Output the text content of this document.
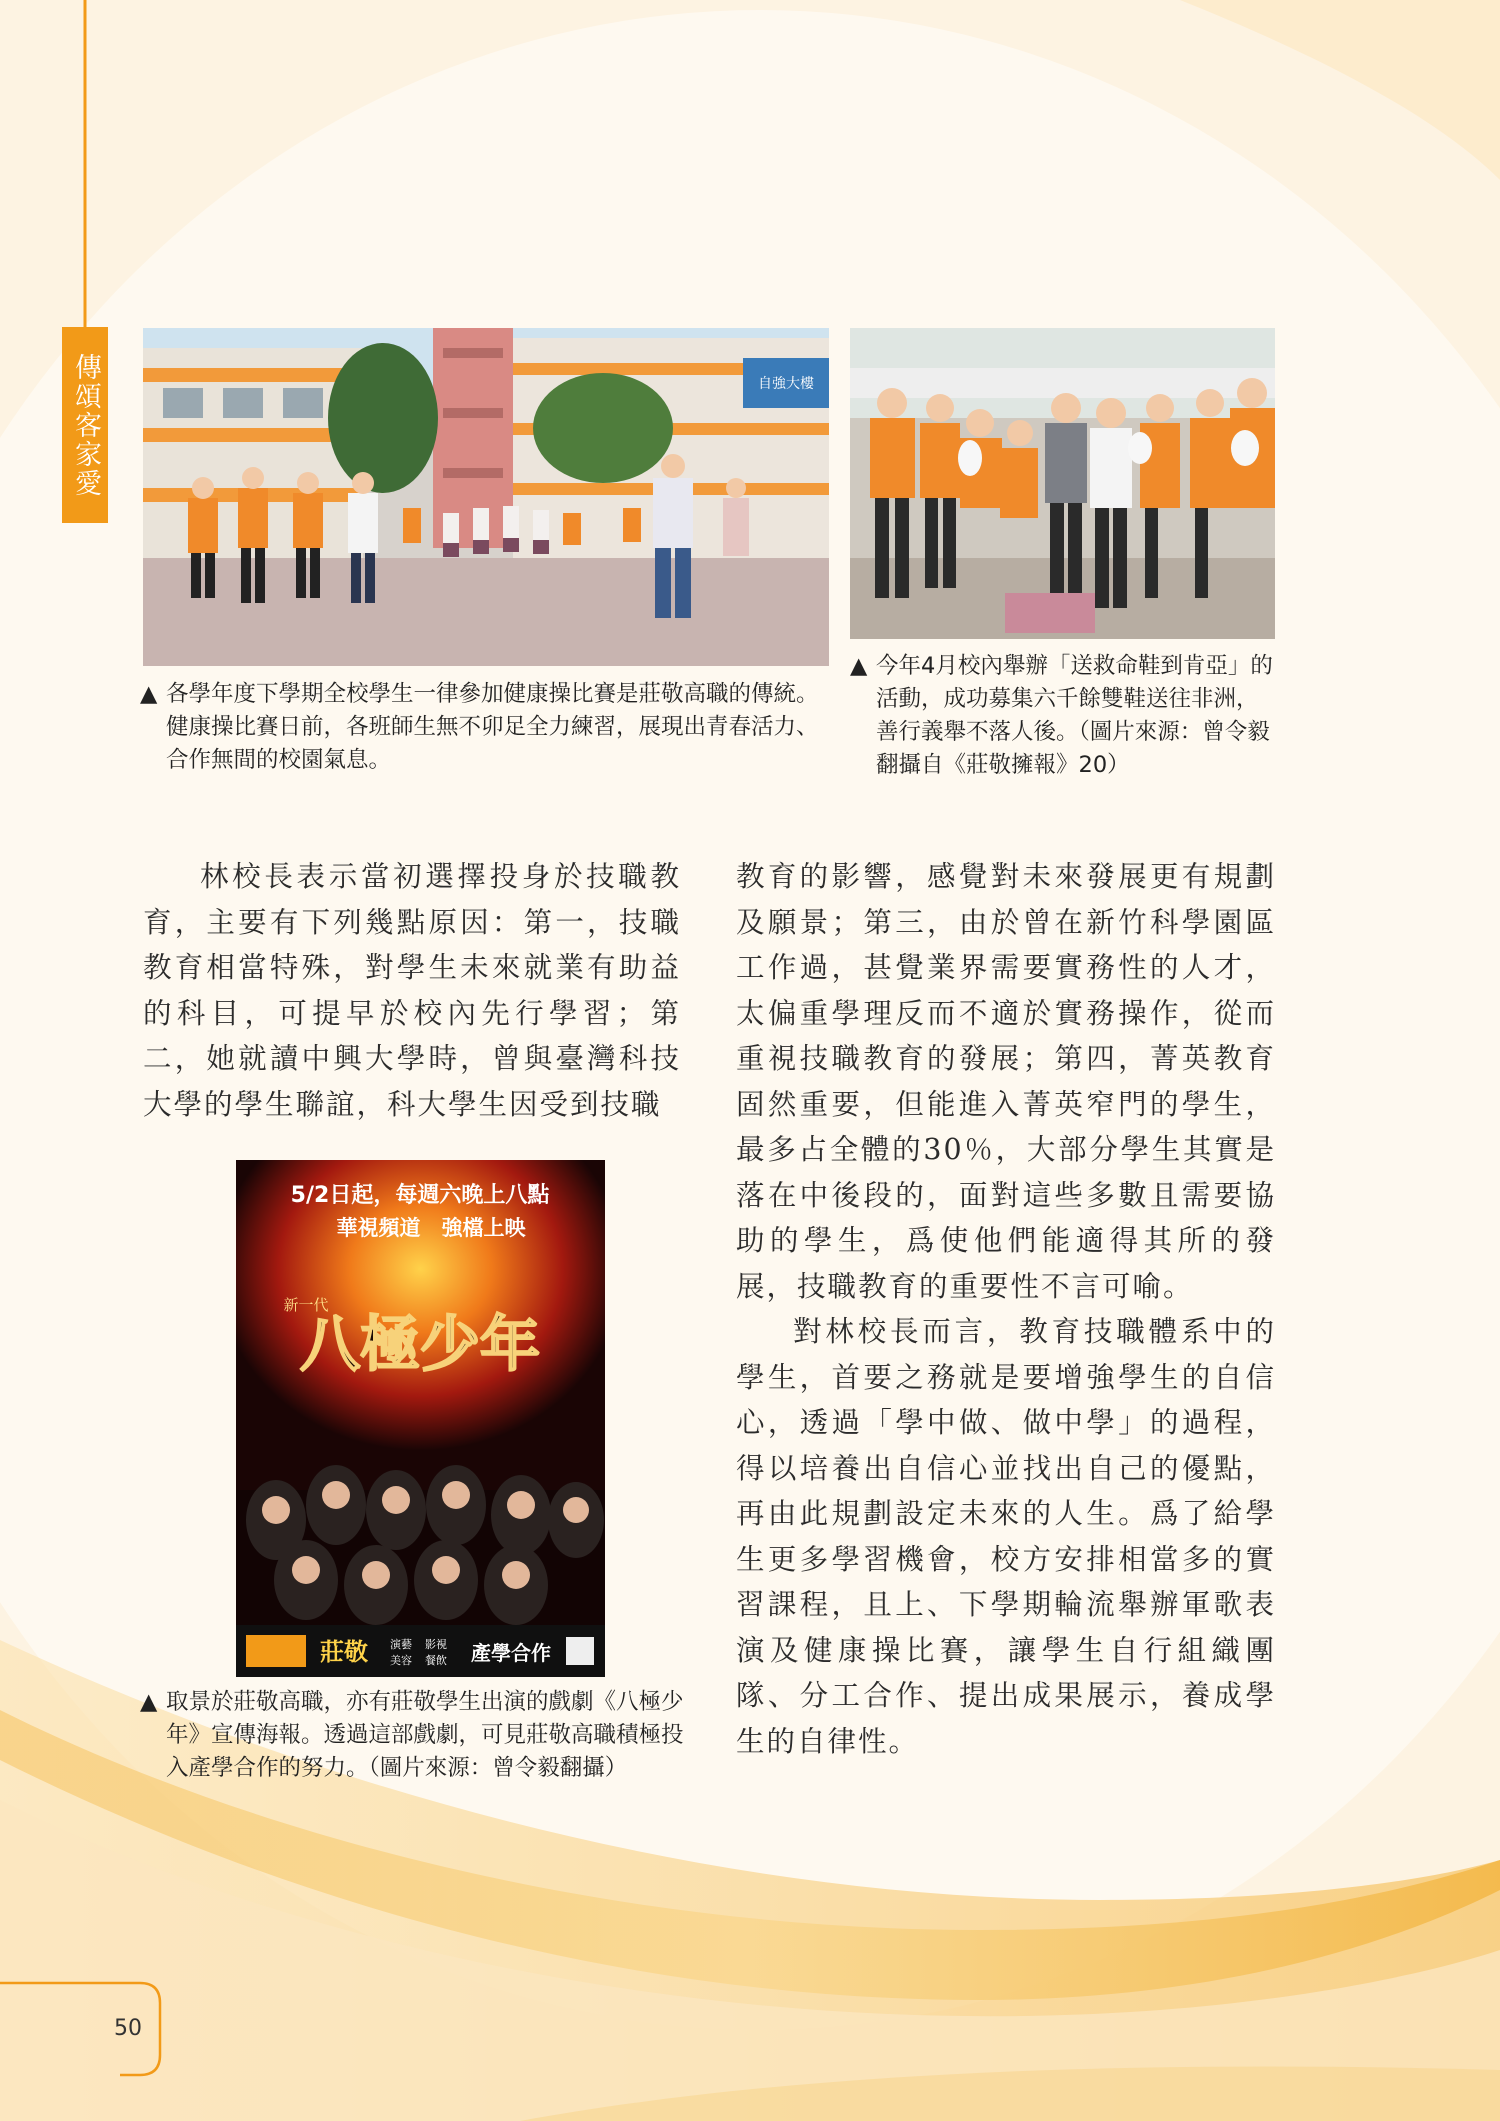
傳頌客家愛	自強大樓

▲ 各學年度下學期全校學生一律參加健康操比賽是莊敬高職的傳統。健康操比賽日前，各班師生無不卯足全力練習，展現出青春活力、合作無間的校園氣息。

▲ 今年4月校內舉辦「送救命鞋到肯亞」的活動，成功募集六千餘雙鞋送往非洲，善行義舉不落人後。（圖片來源：曾令毅翻攝自《莊敬擁報》20）

5/2日起，每週六晚上八點
華視頻道　強檔上映
新一代
八極少年
莊敬 演藝
美容
影視
餐飲 產學合作

▲ 取景於莊敬高職，亦有莊敬學生出演的戲劇《八極少年》宣傳海報。透過這部戲劇，可見莊敬高職積極投入產學合作的努力。（圖片來源：曾令毅翻攝）

林校長表示當初選擇投身於技職教育，主要有下列幾點原因：第一，技職教育相當特殊，對學生未來就業有助益的科目，可提早於校內先行學習；第二，她就讀中興大學時，曾與臺灣科技大學的學生聯誼，科大學生因受到技職

教育的影響，感覺對未來發展更有規劃及願景；第三，由於曾在新竹科學園區工作過，甚覺業界需要實務性的人才，太偏重學理反而不適於實務操作，從而重視技職教育的發展；第四，菁英教育固然重要，但能進入菁英窄門的學生，最多占全體的30％，大部分學生其實是落在中後段的，面對這些多數且需要協助的學生，爲使他們能適得其所的發展，技職教育的重要性不言可喻。

對林校長而言，教育技職體系中的學生，首要之務就是要增強學生的自信心，透過「學中做、做中學」的過程，得以培養出自信心並找出自己的優點，再由此規劃設定未來的人生。爲了給學生更多學習機會，校方安排相當多的實習課程，且上、下學期輪流舉辦軍歌表演及健康操比賽，讓學生自行組織團隊、分工合作、提出成果展示，養成學生的自律性。

50
